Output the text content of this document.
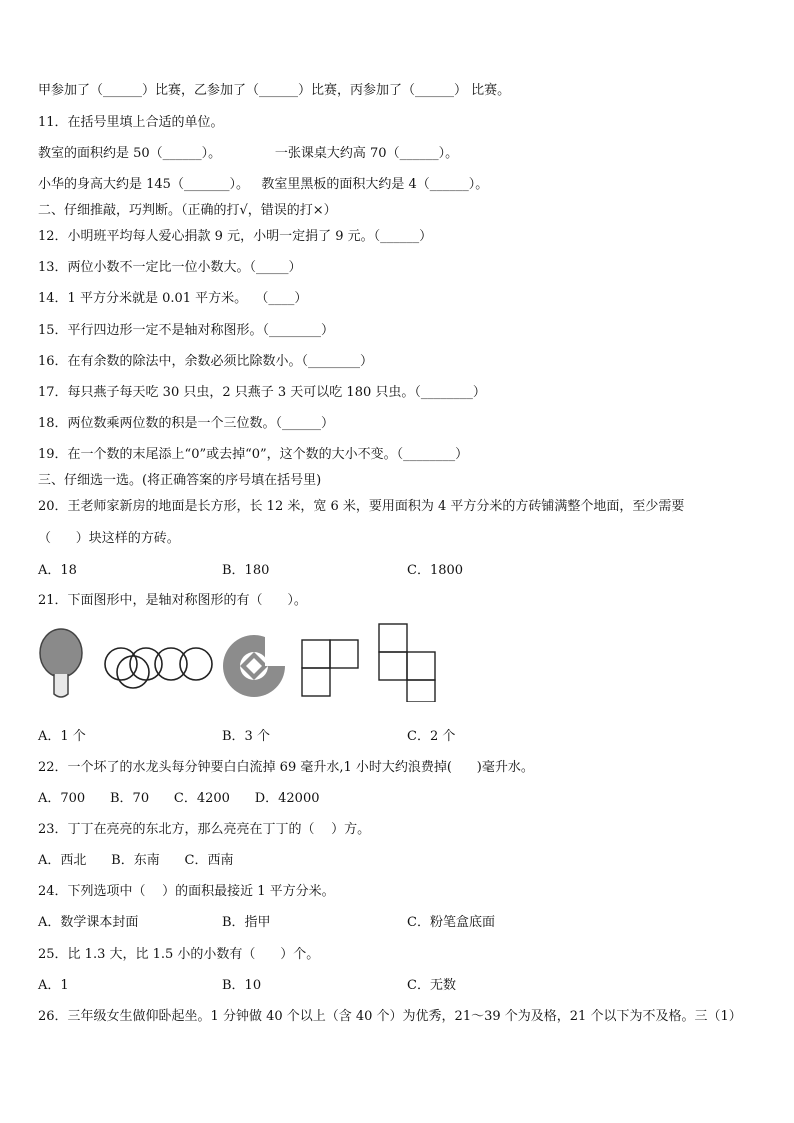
甲参加了（______）比赛，乙参加了（______）比赛，丙参加了（______） 比赛。
11．在括号里填上合适的单位。
教室的面积约是 50（______）。             一张课桌大约高 70（______）。
小华的身高大约是 145（_______）。   教室里黑板的面积大约是 4（______）。
二、仔细推敲，巧判断。（正确的打√，错误的打×）
12．小明班平均每人爱心捐款 9 元，小明一定捐了 9 元。（______）
13．两位小数不一定比一位小数大。（_____）
14．1 平方分米就是 0.01 平方米。  （____）
15．平行四边形一定不是轴对称图形。（________）
16．在有余数的除法中，余数必须比除数小。（________）
17．每只燕子每天吃 30 只虫，2 只燕子 3 天可以吃 180 只虫。（________）
18．两位数乘两位数的积是一个三位数。（______）
19．在一个数的末尾添上“0”或去掉“0”，这个数的大小不变。（________）
三、仔细选一选。(将正确答案的序号填在括号里)
20．王老师家新房的地面是长方形，长 12 米，宽 6 米，要用面积为 4 平方分米的方砖铺满整个地面，至少需要
（      ）块这样的方砖。
A．18	B．180	C．1800
21．下面图形中，是轴对称图形的有（      ）。
A．1 个	B．3 个	C．2 个
22．一个坏了的水龙头每分钟要白白流掉 69 毫升水,1 小时大约浪费掉(      )毫升水。
A．700      B．70      C．4200      D．42000
23．丁丁在亮亮的东北方，那么亮亮在丁丁的（    ）方。
A．西北      B．东南      C．西南
24．下列选项中（    ）的面积最接近 1 平方分米。
A．数学课本封面	B．指甲	C．粉笔盒底面
25．比 1.3 大，比 1.5 小的小数有（      ）个。
A．1	B．10	C．无数
26．三年级女生做仰卧起坐。1 分钟做 40 个以上（含 40 个）为优秀，21～39 个为及格，21 个以下为不及格。三（1）
